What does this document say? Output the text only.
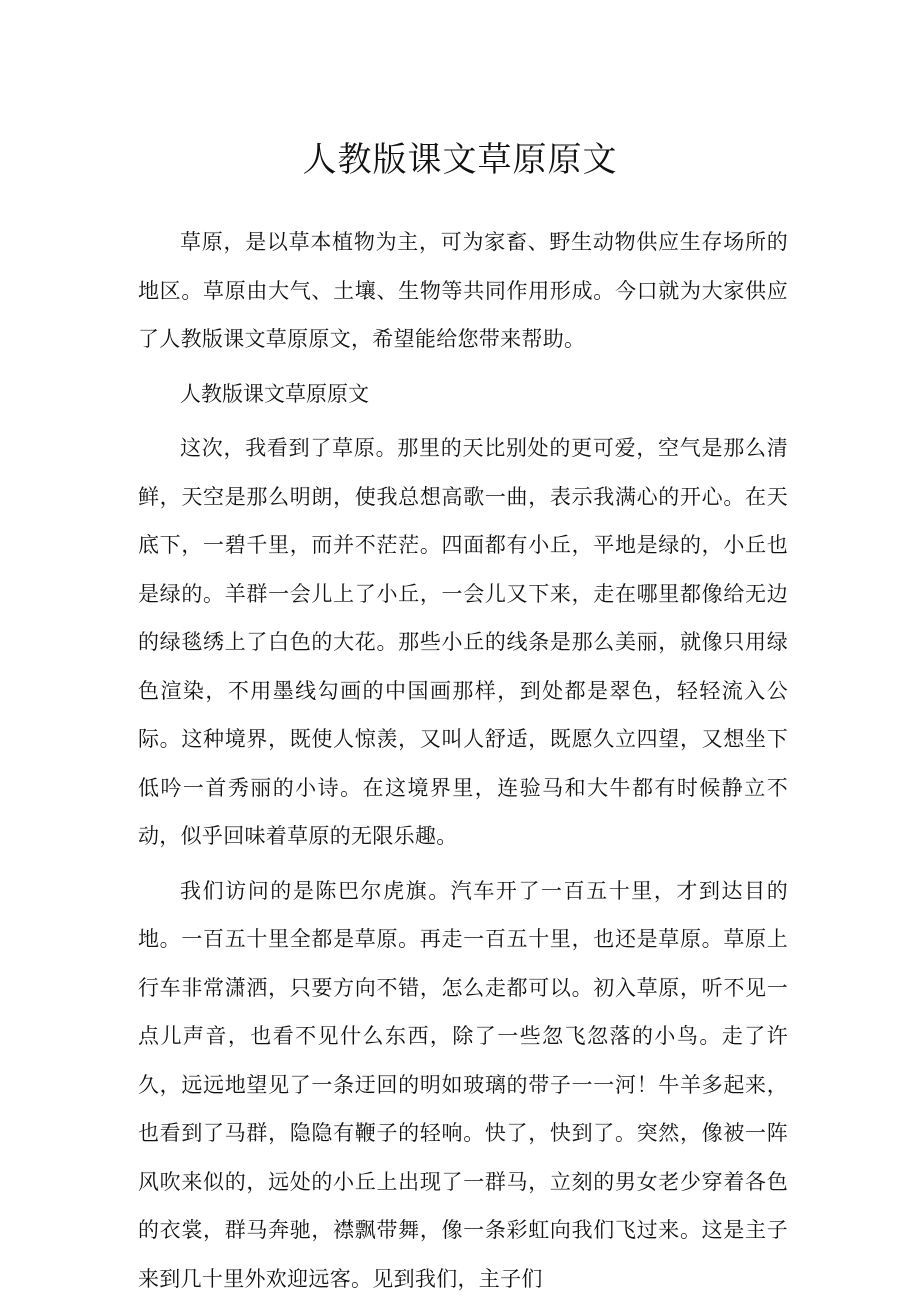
人教版课文草原原文

草原，是以草本植物为主，可为家畜、野生动物供应生存场所的地区。草原由大气、土壤、生物等共同作用形成。今口就为大家供应了人教版课文草原原文，希望能给您带来帮助。

人教版课文草原原文

这次，我看到了草原。那里的天比别处的更可爱，空气是那么清鲜，天空是那么明朗，使我总想高歌一曲，表示我满心的开心。在天底下，一碧千里，而并不茫茫。四面都有小丘，平地是绿的，小丘也是绿的。羊群一会儿上了小丘，一会儿又下来，走在哪里都像给无边的绿毯绣上了白色的大花。那些小丘的线条是那么美丽，就像只用绿色渲染，不用墨线勾画的中国画那样，到处都是翠色，轻轻流入公际。这种境界，既使人惊羡，又叫人舒适，既愿久立四望，又想坐下低吟一首秀丽的小诗。在这境界里，连验马和大牛都有时候静立不动，似乎回味着草原的无限乐趣。

我们访问的是陈巴尔虎旗。汽车开了一百五十里，才到达目的地。一百五十里全都是草原。再走一百五十里，也还是草原。草原上行车非常潇洒，只要方向不错，怎么走都可以。初入草原，听不见一点儿声音，也看不见什么东西，除了一些忽飞忽落的小鸟。走了许久，远远地望见了一条迂回的明如玻璃的带子一一河！牛羊多起来，也看到了马群，隐隐有鞭子的轻响。快了，快到了。突然，像被一阵风吹来似的，远处的小丘上出现了一群马，立刻的男女老少穿着各色的衣裳，群马奔驰，襟飘带舞，像一条彩虹向我们飞过来。这是主子来到几十里外欢迎远客。见到我们，主子们
